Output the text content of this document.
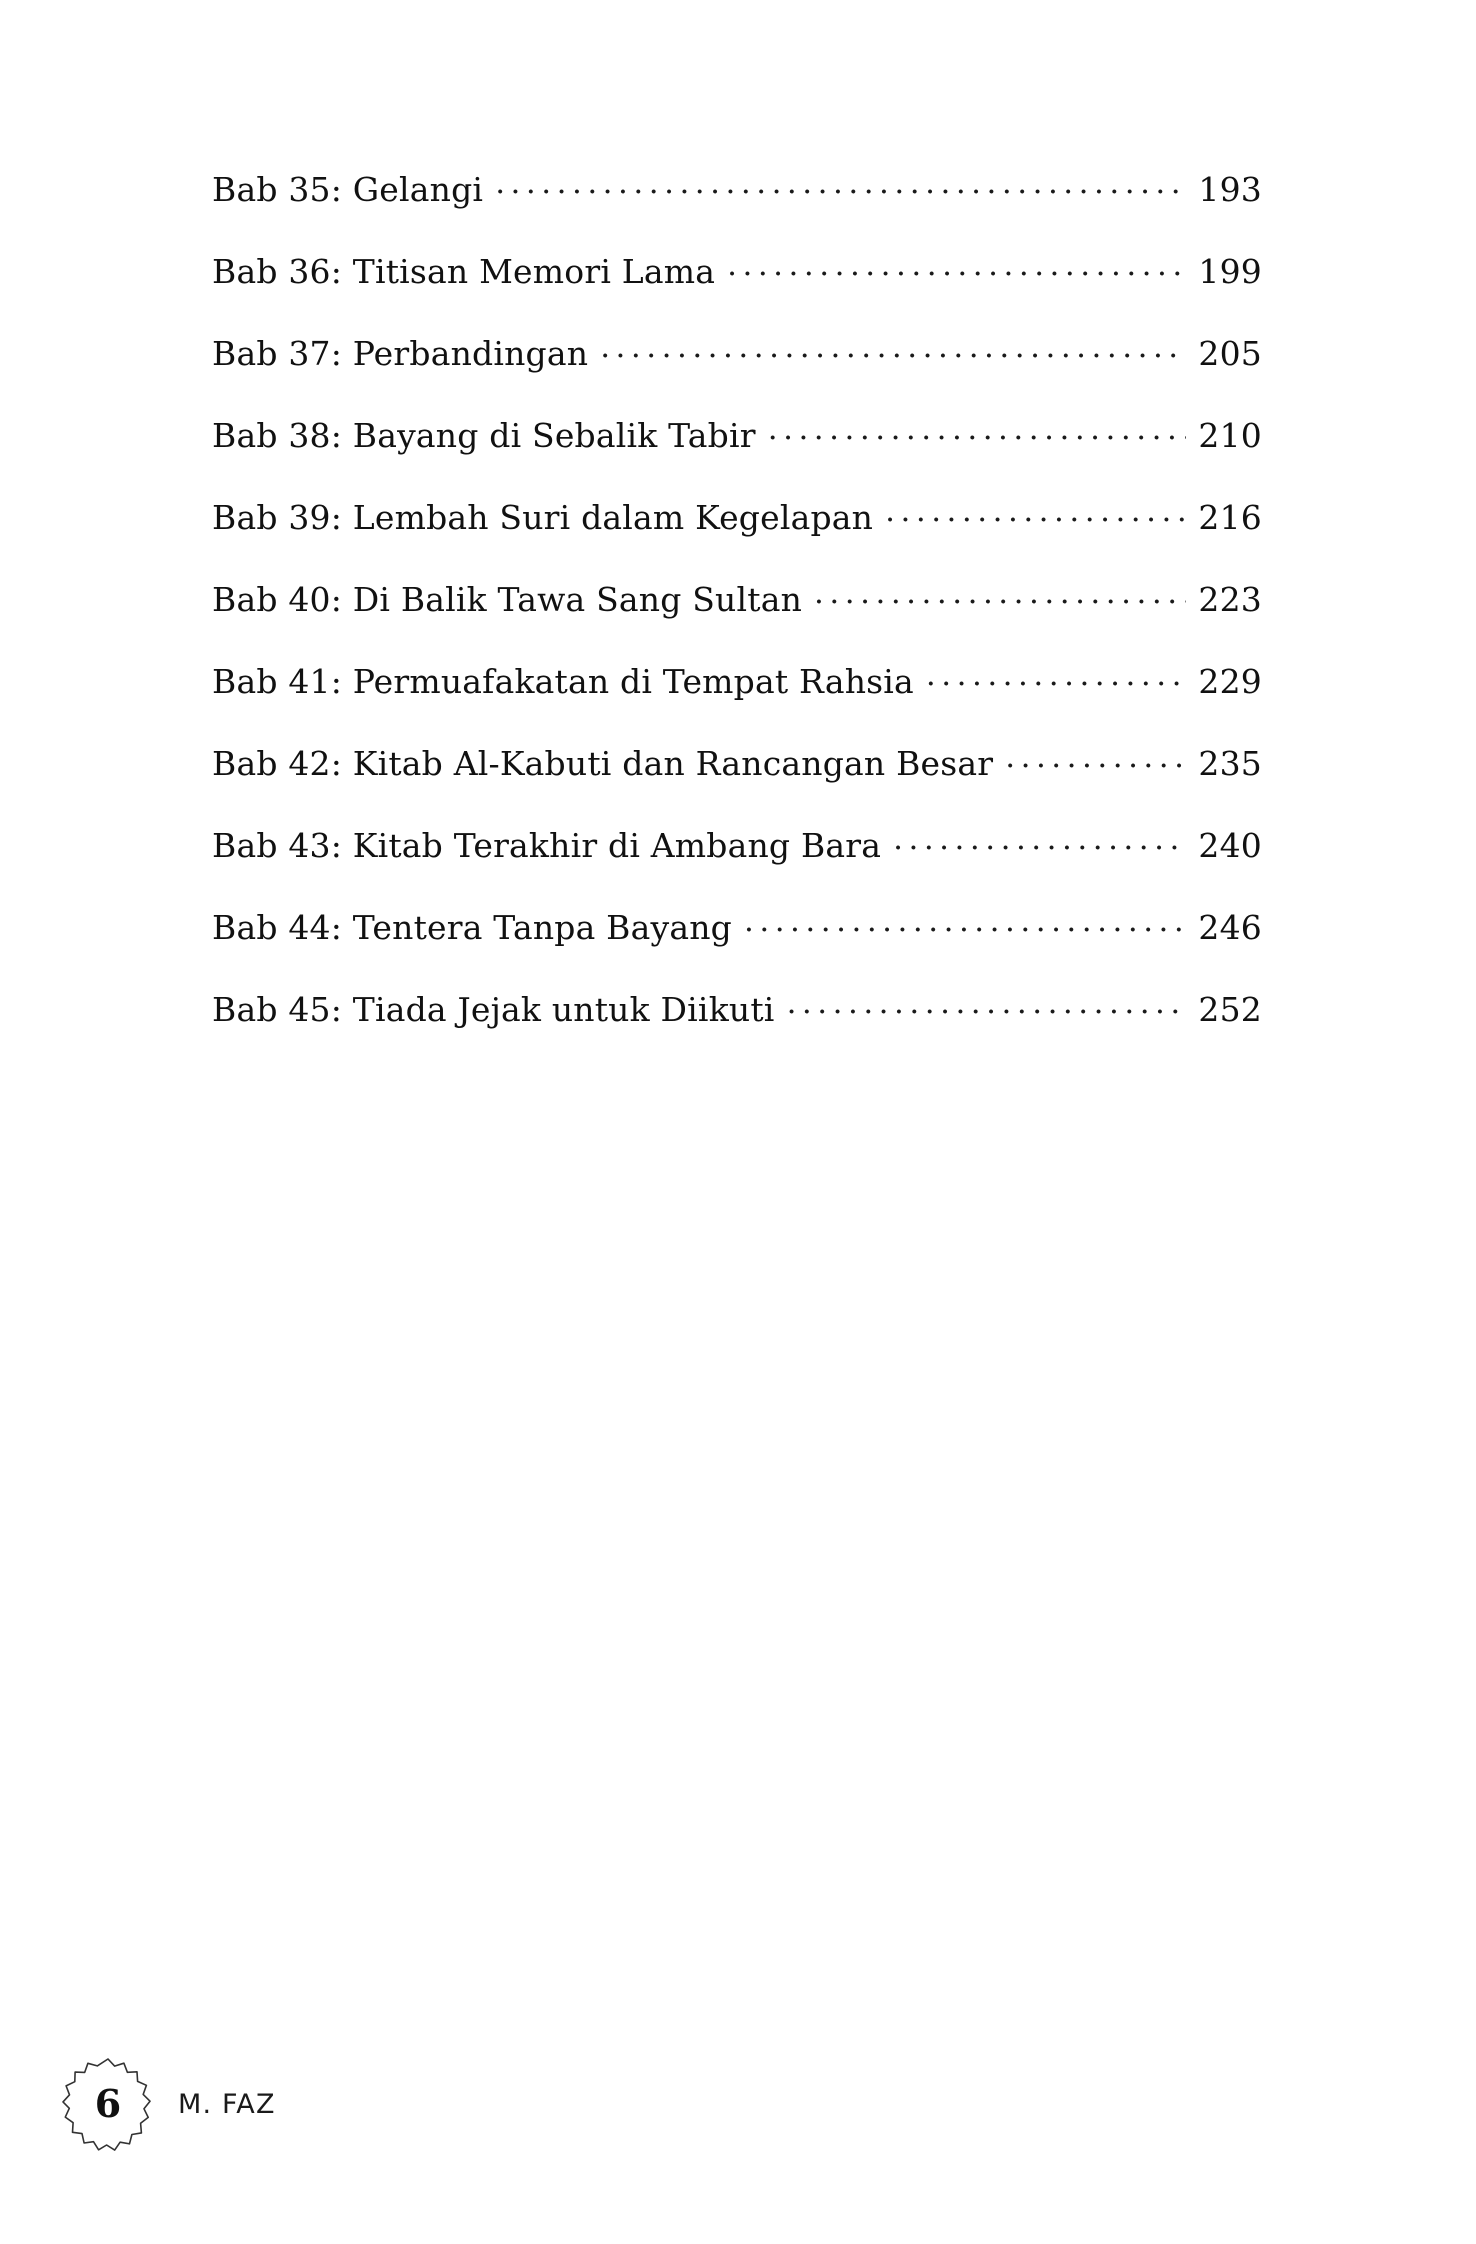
Bab 35: Gelangi .....	193
Bab 36: Titisan Memori Lama .....	199
Bab 37: Perbandingan .....	205
Bab 38: Bayang di Sebalik Tabir .....	210
Bab 39: Lembah Suri dalam Kegelapan .....	216
Bab 40: Di Balik Tawa Sang Sultan .....	223
Bab 41: Permuafakatan di Tempat Rahsia .....	229
Bab 42: Kitab Al-Kabuti dan Rancangan Besar .....	235
Bab 43: Kitab Terakhir di Ambang Bara .....	240
Bab 44: Tentera Tanpa Bayang .....	246
Bab 45: Tiada Jejak untuk Diikuti .....	252
6 M. FAZ
